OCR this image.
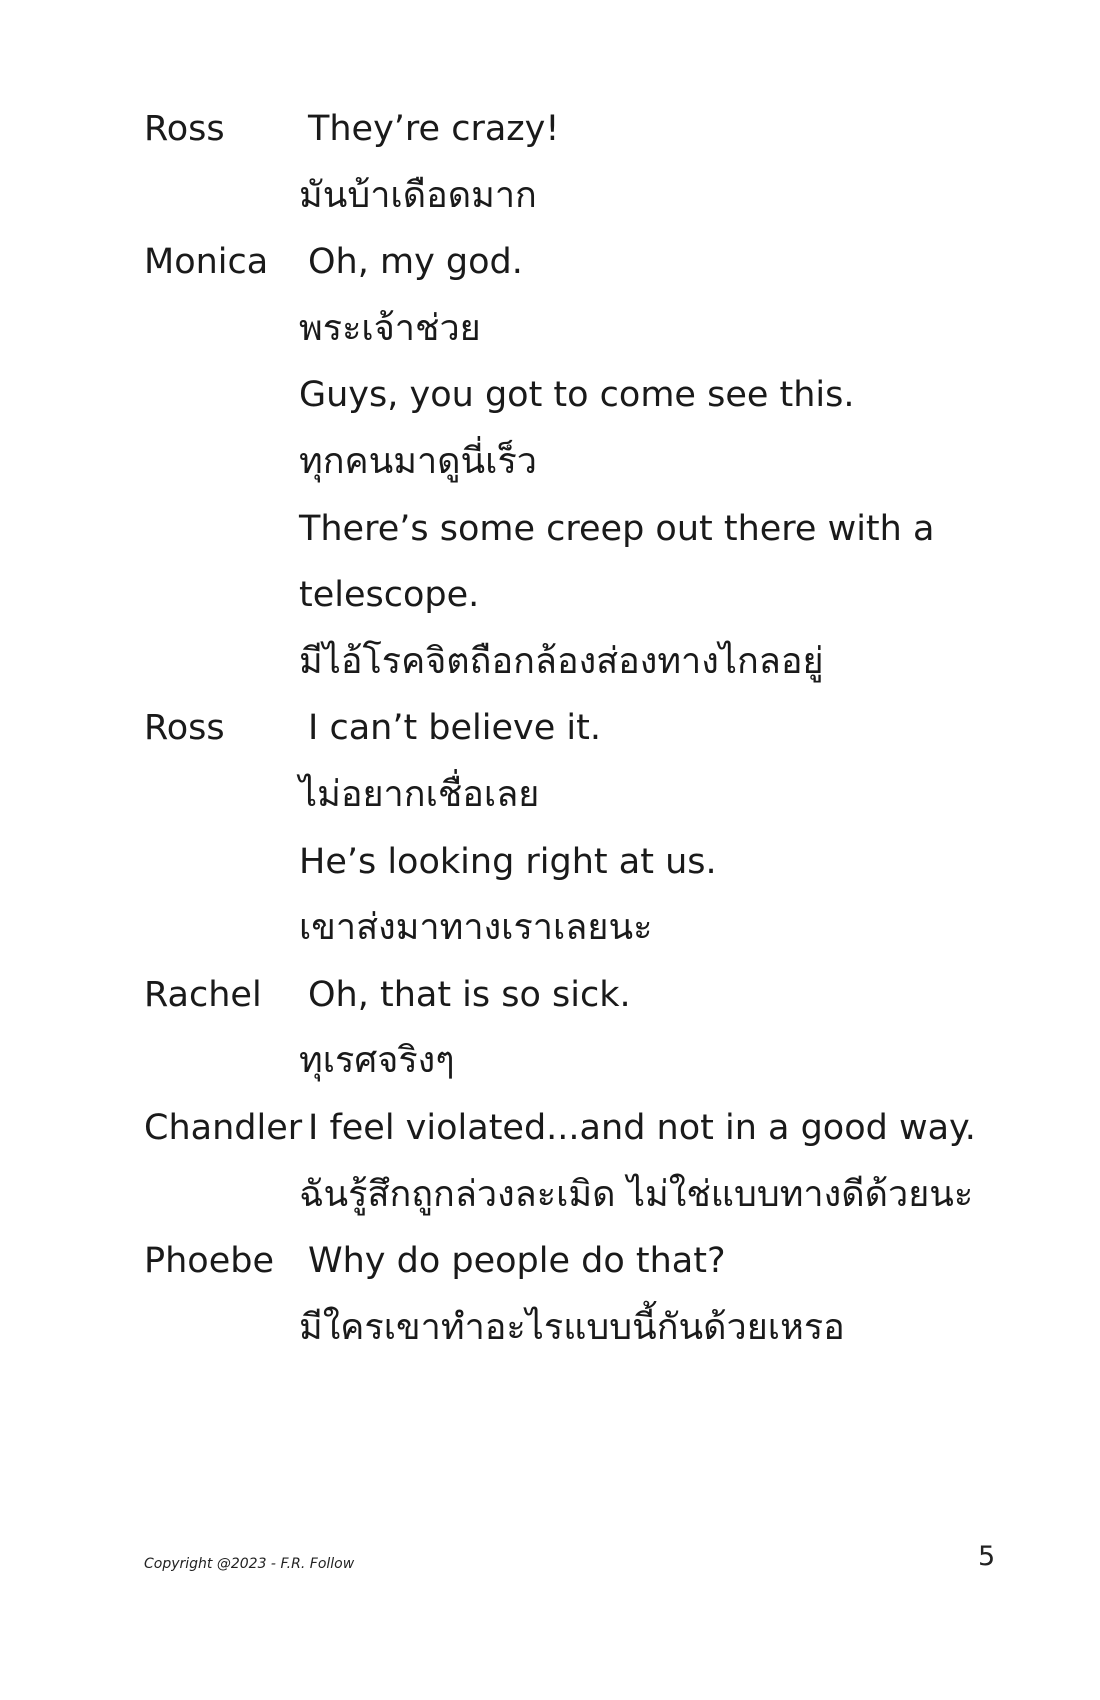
Ross They’re crazy!
มันบ้าเดือดมาก
Monica Oh, my god.
พระเจ้าช่วย
Guys, you got to come see this.
ทุกคนมาดูนี่เร็ว
There’s some creep out there with a
telescope.
มีไอ้โรคจิตถือกล้องส่องทางไกลอยู่
Ross I can’t believe it.
ไม่อยากเชื่อเลย
He’s looking right at us.
เขาส่งมาทางเราเลยนะ
Rachel Oh, that is so sick.
ทุเรศจริงๆ
Chandler I feel violated...and not in a good way.
ฉันรู้สึกถูกล่วงละเมิด ไม่ใช่แบบทางดีด้วยนะ
Phoebe Why do people do that?
มีใครเขาทำอะไรแบบนี้กันด้วยเหรอ
Copyright @2023 - F.R. Follow	5
